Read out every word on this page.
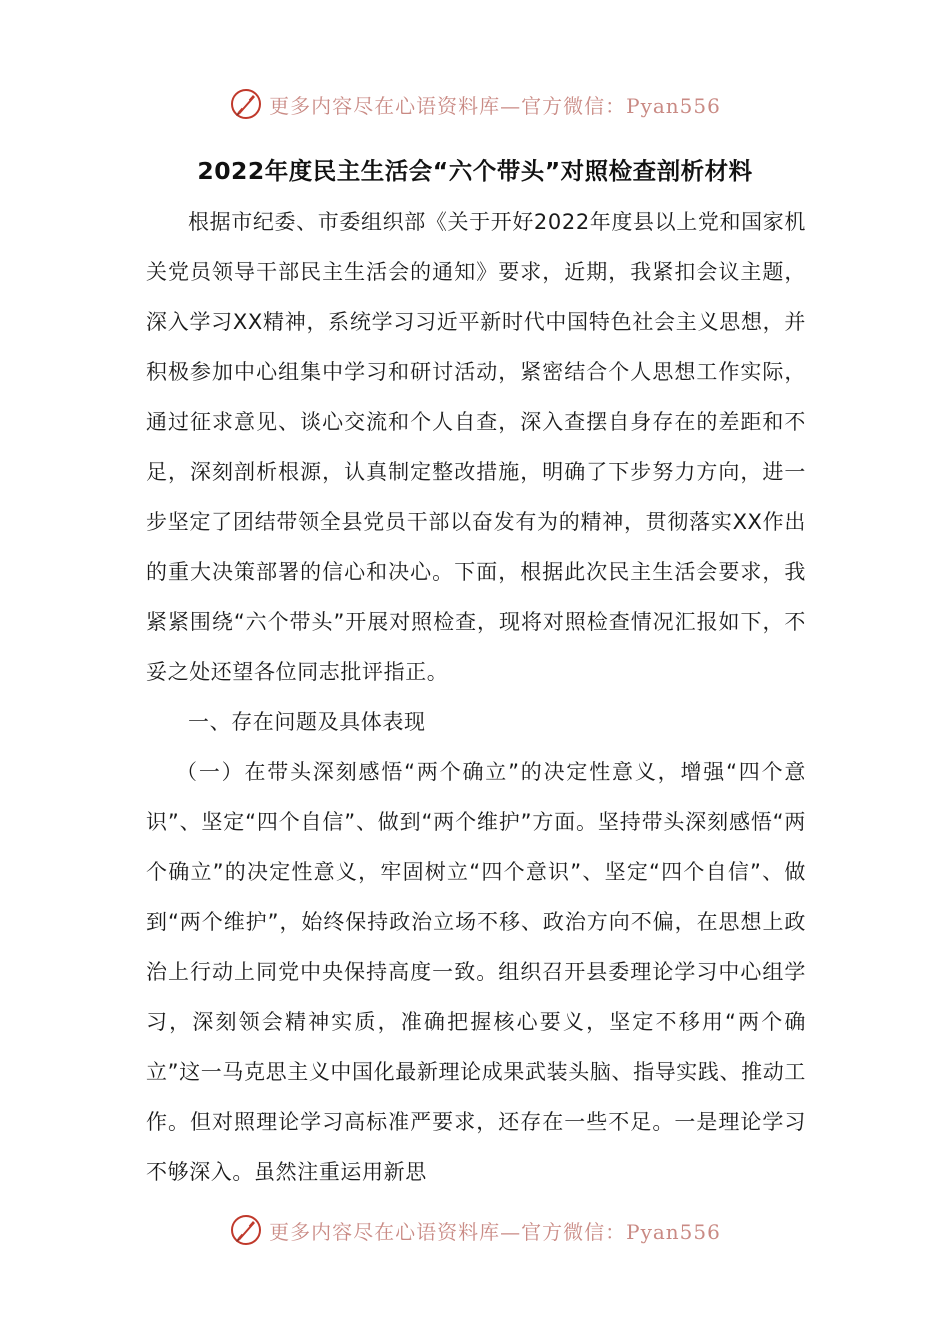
更多内容尽在心语资料库—官方微信：Pyan556
2022年度民主生活会“六个带头”对照检查剖析材料

根据市纪委、市委组织部《关于开好2022年度县以上党和国家机关党员领导干部民主生活会的通知》要求，近期，我紧扣会议主题，深入学习XX精神，系统学习习近平新时代中国特色社会主义思想，并积极参加中心组集中学习和研讨活动，紧密结合个人思想工作实际，通过征求意见、谈心交流和个人自查，深入查摆自身存在的差距和不足，深刻剖析根源，认真制定整改措施，明确了下步努力方向，进一步坚定了团结带领全县党员干部以奋发有为的精神，贯彻落实XX作出的重大决策部署的信心和决心。下面，根据此次民主生活会要求，我紧紧围绕“六个带头”开展对照检查，现将对照检查情况汇报如下，不妥之处还望各位同志批评指正。

一、存在问题及具体表现

（一）在带头深刻感悟“两个确立”的决定性意义，增强“四个意识”、坚定“四个自信”、做到“两个维护”方面。坚持带头深刻感悟“两个确立”的决定性意义，牢固树立“四个意识”、坚定“四个自信”、做到“两个维护”，始终保持政治立场不移、政治方向不偏，在思想上政治上行动上同党中央保持高度一致。组织召开县委理论学习中心组学习，深刻领会精神实质，准确把握核心要义，坚定不移用“两个确立”这一马克思主义中国化最新理论成果武装头脑、指导实践、推动工作。但对照理论学习高标准严要求，还存在一些不足。一是理论学习不够深入。虽然注重运用新思

更多内容尽在心语资料库—官方微信：Pyan556
